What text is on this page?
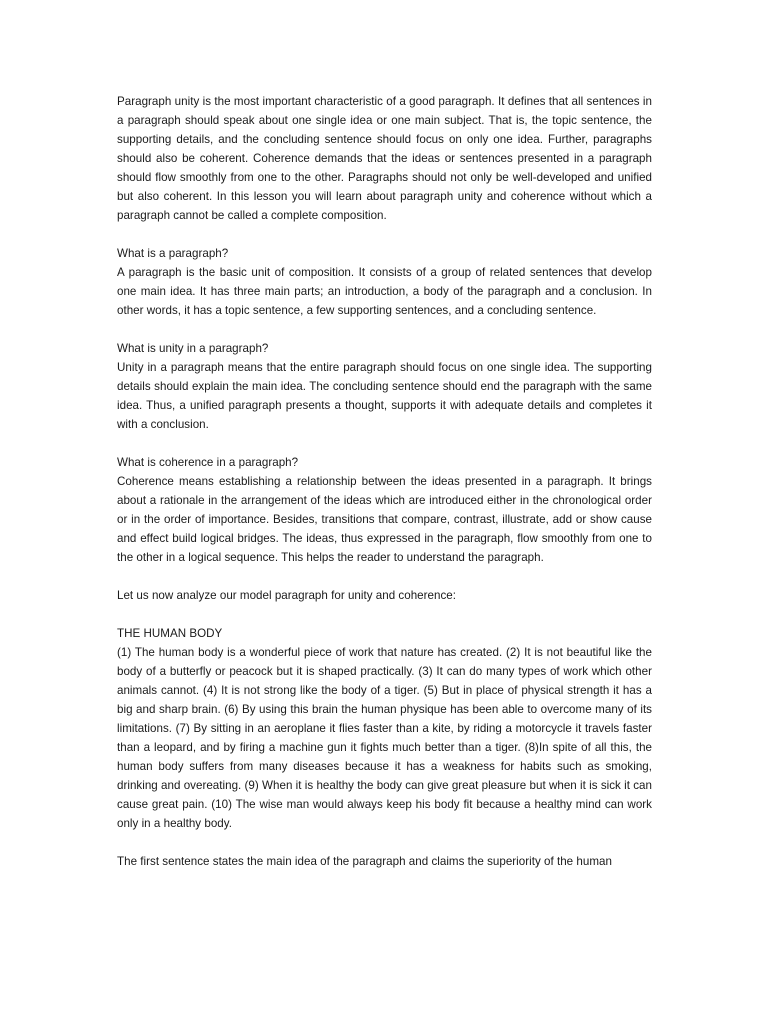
Paragraph unity is the most important characteristic of a good paragraph. It defines that all sentences in a paragraph should speak about one single idea or one main subject. That is, the topic sentence, the supporting details, and the concluding sentence should focus on only one idea. Further, paragraphs should also be coherent. Coherence demands that the ideas or sentences presented in a paragraph should flow smoothly from one to the other. Paragraphs should not only be well-developed and unified but also coherent. In this lesson you will learn about paragraph unity and coherence without which a paragraph cannot be called a complete composition.

What is a paragraph?

A paragraph is the basic unit of composition. It consists of a group of related sentences that develop one main idea. It has three main parts; an introduction, a body of the paragraph and a conclusion. In other words, it has a topic sentence, a few supporting sentences, and a concluding sentence.

What is unity in a paragraph?

Unity in a paragraph means that the entire paragraph should focus on one single idea. The supporting details should explain the main idea. The concluding sentence should end the paragraph with the same idea. Thus, a unified paragraph presents a thought, supports it with adequate details and completes it with a conclusion.

What is coherence in a paragraph?

Coherence means establishing a relationship between the ideas presented in a paragraph. It brings about a rationale in the arrangement of the ideas which are introduced either in the chronological order or in the order of importance. Besides, transitions that compare, contrast, illustrate, add or show cause and effect build logical bridges. The ideas, thus expressed in the paragraph, flow smoothly from one to the other in a logical sequence. This helps the reader to understand the paragraph.

Let us now analyze our model paragraph for unity and coherence:

THE HUMAN BODY

(1) The human body is a wonderful piece of work that nature has created. (2) It is not beautiful like the body of a butterfly or peacock but it is shaped practically. (3) It can do many types of work which other animals cannot. (4) It is not strong like the body of a tiger. (5) But in place of physical strength it has a big and sharp brain. (6) By using this brain the human physique has been able to overcome many of its limitations. (7) By sitting in an aeroplane it flies faster than a kite, by riding a motorcycle it travels faster than a leopard, and by firing a machine gun it fights much better than a tiger. (8)In spite of all this, the human body suffers from many diseases because it has a weakness for habits such as smoking, drinking and overeating. (9) When it is healthy the body can give great pleasure but when it is sick it can cause great pain. (10) The wise man would always keep his body fit because a healthy mind can work only in a healthy body.

The first sentence states the main idea of the paragraph and claims the superiority of the human
